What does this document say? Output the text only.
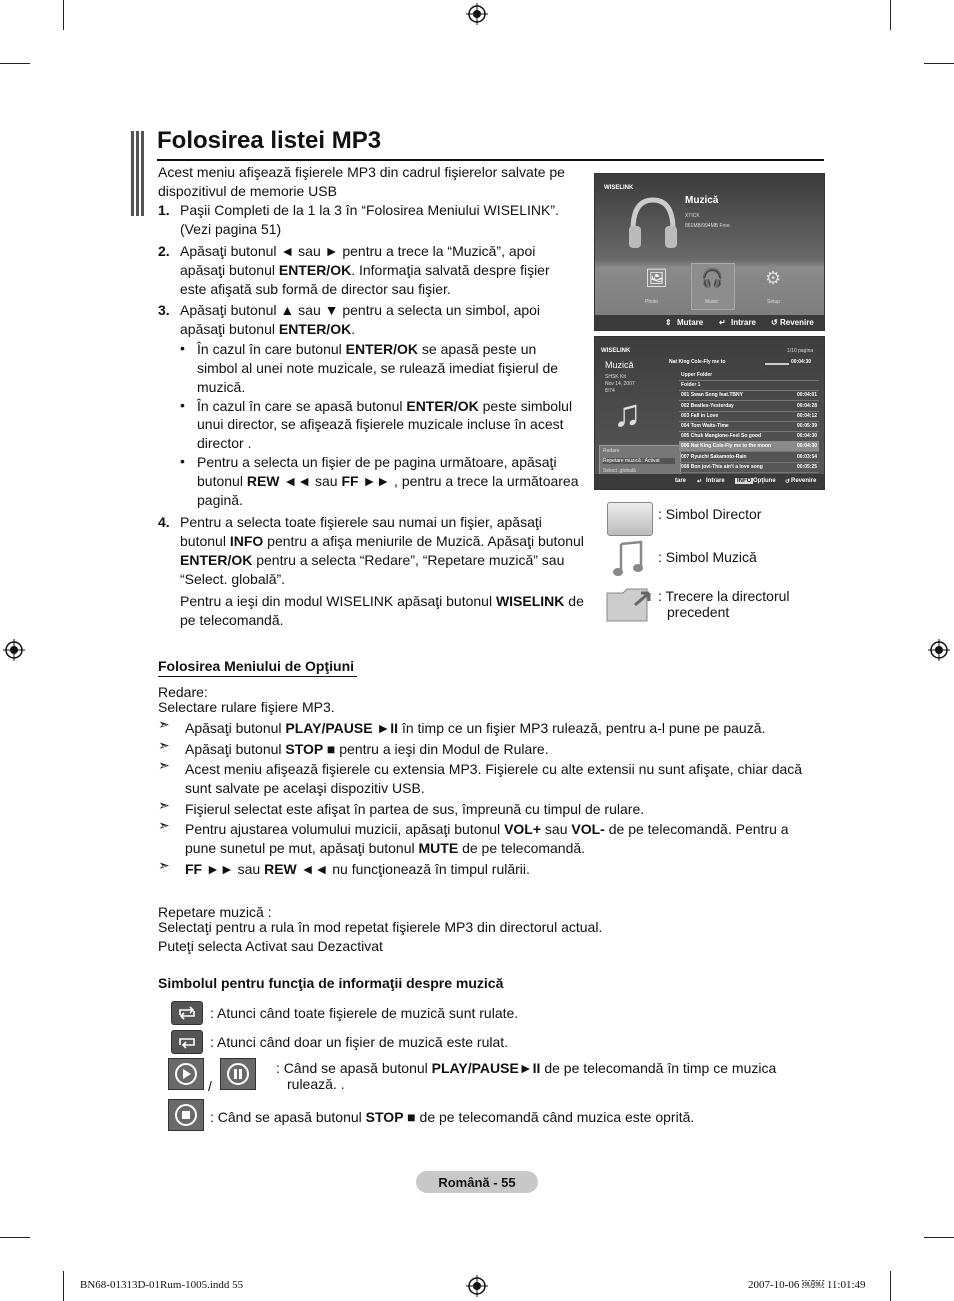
Folosirea listei MP3
Acest meniu afişează fişierele MP3 din cadrul fişierelor salvate pe dispozitivul de memorie USB
1. Paşii Completi de la 1 la 3 în “Folosirea Meniului WISELINK”.
(Vezi pagina 51)
2. Apăsaţi butonul ◄ sau ► pentru a trece la “Muzică”, apoi
apăsaţi butonul ENTER/OK. Informaţia salvată despre fişier
este afişată sub formă de director sau fişier.
3. Apăsaţi butonul ▲ sau ▼ pentru a selecta un simbol, apoi
apăsaţi butonul ENTER/OK.
• În cazul în care butonul ENTER/OK se apasă peste un
simbol al unei note muzicale, se rulează imediat fişierul de
muzică.
• În cazul în care se apasă butonul ENTER/OK peste simbolul
unui director, se afişează fişierele muzicale incluse în acest
director .
• Pentru a selecta un fişier de pe pagina următoare, apăsaţi
butonul REW ◄◄ sau FF ►► , pentru a trece la următoarea
pagină.
4. Pentru a selecta toate fişierele sau numai un fişier, apăsaţi
butonul INFO pentru a afişa meniurile de Muzică. Apăsaţi butonul
ENTER/OK pentru a selecta “Redare”, “Repetare muzică” sau
“Select. globală”.
Pentru a ieşi din modul WISELINK apăsaţi butonul WISELINK de
pe telecomandă.
WISELINK
Muzică
XTICK
861MB/994MB Free
🖼
Photo
🎧
Music
⚙
Setup
⇕ Mutare ↵ Intrare ↺ Revenire
WISELINK
Muzică
SHSK Kit
Nov 14, 2007
8/74
♫
Nat King Cole-Fly me to	00:04:30
1/10 pagina
Redare
Repetare muzică : Activat
Select. globală
tare ↵ Intrare	INFO Opţiune ↺ Revenire
Upper Folder
Folder 1
001 Swan Song feat.TBNY	00:04:01
002 Beatles-Yesterday	00:04:28
003 Fall in Love	00:04:12
004 Tom Waits-Time	00:05:39
005 Chuk Mangione-Feel So good	00:04:30
006 Nat King Cole-Fly me to the moon	00:04:30
007 Ryuichi Sakamoto-Rain	00:03:54
008 Bon jovi-This ain't a love song	00:05:25
: Simbol Director
: Simbol Muzică
: Trecere la directorul
precedent
Folosirea Meniului de Opţiuni
Redare:
Selectare rulare fişiere MP3.
➣ Apăsaţi butonul PLAY/PAUSE ►II în timp ce un fişier MP3 rulează, pentru a-l pune pe pauză.
➣ Apăsaţi butonul STOP ■ pentru a ieşi din Modul de Rulare.
➣ Acest meniu afişează fişierele cu extensia MP3. Fişierele cu alte extensii nu sunt afişate, chiar dacă
sunt salvate pe acelaşi dispozitiv USB.
➣ Fişierul selectat este afişat în partea de sus, împreună cu timpul de rulare.
➣ Pentru ajustarea volumului muzicii, apăsaţi butonul VOL+ sau VOL- de pe telecomandă. Pentru a
pune sunetul pe mut, apăsaţi butonul MUTE de pe telecomandă.
➣ FF ►► sau REW ◄◄ nu funcţionează în timpul rulării.
Repetare muzică :
Selectaţi pentru a rula în mod repetat fişierele MP3 din directorul actual.
Puteţi selecta Activat sau Dezactivat
Simbolul pentru funcţia de informaţii despre muzică
: Atunci când toate fişierele de muzică sunt rulate.
: Atunci când doar un fişier de muzică este rulat.
/
: Când se apasă butonul PLAY/PAUSE►II de pe telecomandă în timp ce muzica
rulează. .
: Când se apasă butonul STOP ■ de pe telecomandă când muzica este oprită.
Română - 55
BN68-01313D-01Rum-1005.indd 55	2007-10-06 ￼￼ 11:01:49
